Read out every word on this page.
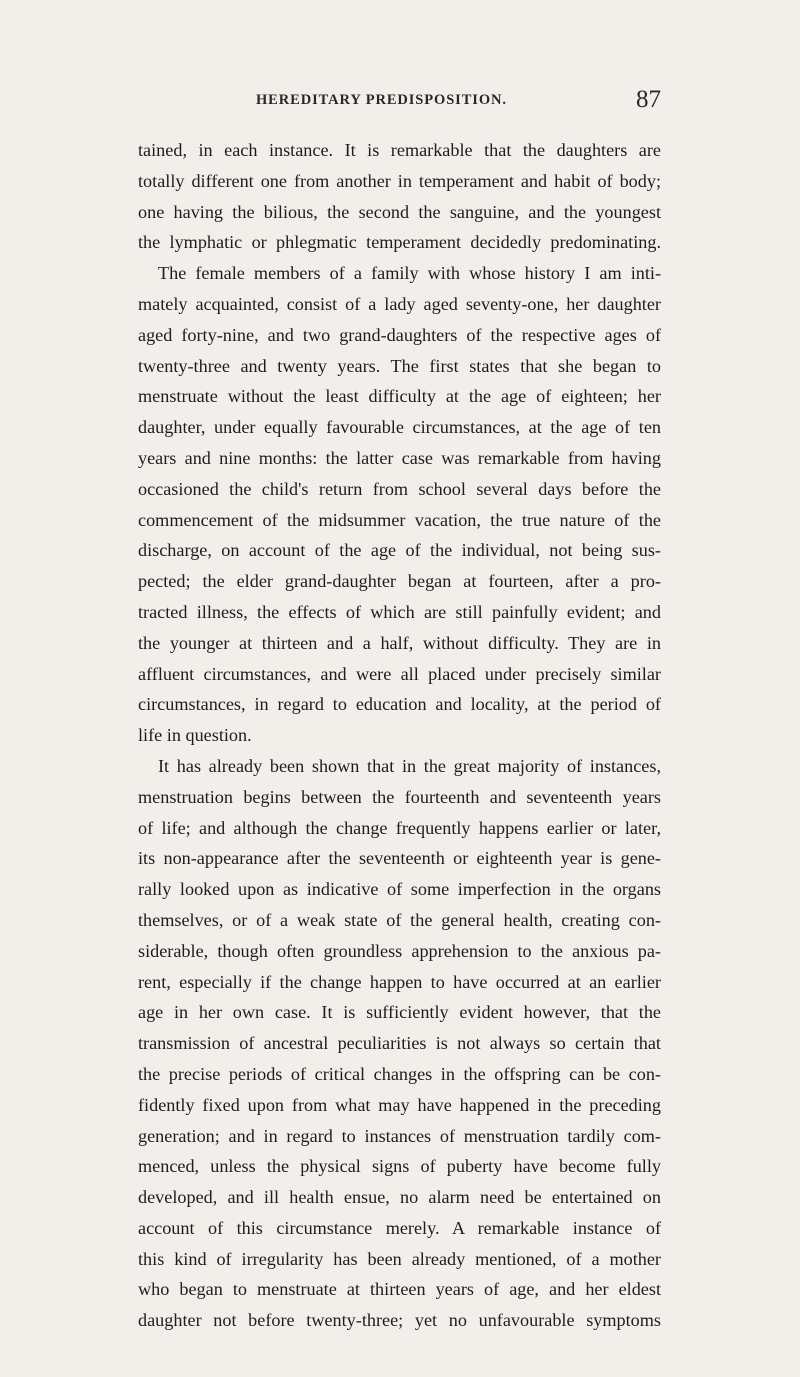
HEREDITARY PREDISPOSITION.	87
tained, in each instance. It is remarkable that the daughters are
totally different one from another in temperament and habit of body;
one having the bilious, the second the sanguine, and the youngest
the lymphatic or phlegmatic temperament decidedly predominating.
The female members of a family with whose history I am inti-
mately acquainted, consist of a lady aged seventy-one, her daughter
aged forty-nine, and two grand-daughters of the respective ages of
twenty-three and twenty years. The first states that she began to
menstruate without the least difficulty at the age of eighteen; her
daughter, under equally favourable circumstances, at the age of ten
years and nine months: the latter case was remarkable from having
occasioned the child's return from school several days before the
commencement of the midsummer vacation, the true nature of the
discharge, on account of the age of the individual, not being sus-
pected; the elder grand-daughter began at fourteen, after a pro-
tracted illness, the effects of which are still painfully evident; and
the younger at thirteen and a half, without difficulty. They are in
affluent circumstances, and were all placed under precisely similar
circumstances, in regard to education and locality, at the period of
life in question.
It has already been shown that in the great majority of instances,
menstruation begins between the fourteenth and seventeenth years
of life; and although the change frequently happens earlier or later,
its non-appearance after the seventeenth or eighteenth year is gene-
rally looked upon as indicative of some imperfection in the organs
themselves, or of a weak state of the general health, creating con-
siderable, though often groundless apprehension to the anxious pa-
rent, especially if the change happen to have occurred at an earlier
age in her own case. It is sufficiently evident however, that the
transmission of ancestral peculiarities is not always so certain that
the precise periods of critical changes in the offspring can be con-
fidently fixed upon from what may have happened in the preceding
generation; and in regard to instances of menstruation tardily com-
menced, unless the physical signs of puberty have become fully
developed, and ill health ensue, no alarm need be entertained on
account of this circumstance merely. A remarkable instance of
this kind of irregularity has been already mentioned, of a mother
who began to menstruate at thirteen years of age, and her eldest
daughter not before twenty-three; yet no unfavourable symptoms
